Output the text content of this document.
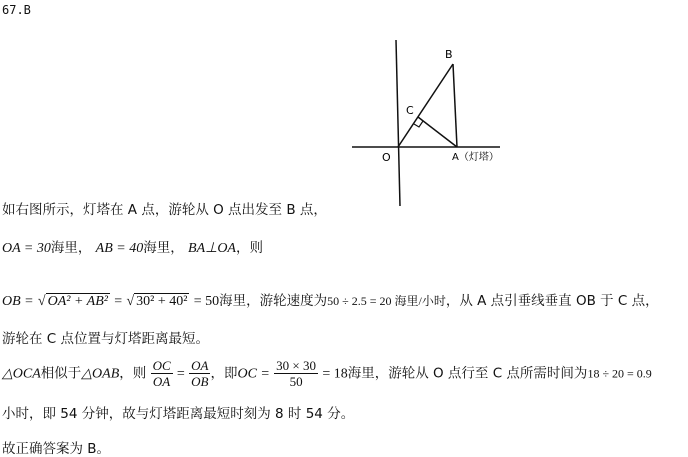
67.B
B
C
O	A（灯塔）
如右图所示，灯塔在 A 点，游轮从 O 点出发至 B 点，
OA = 30海里， AB = 40海里， BA⊥OA，则
OB = √ OA² + AB² = √ 30² + 40² = 50海里，游轮速度为50 ÷ 2.5 = 20 海里/小时，从 A 点引垂线垂直 OB 于 C 点，
游轮在 C 点位置与灯塔距离最短。
△OCA相似于△OAB，则 $\frac{OC}{OA} = \frac{OA}{OB}$ ，即OC = $\frac{30 \times 30}{50} = 18$海里，游轮从 O 点行至 C 点所需时间为18 ÷ 20 = 0.9
小时，即 54 分钟，故与灯塔距离最短时刻为 8 时 54 分。
故正确答案为 B。
